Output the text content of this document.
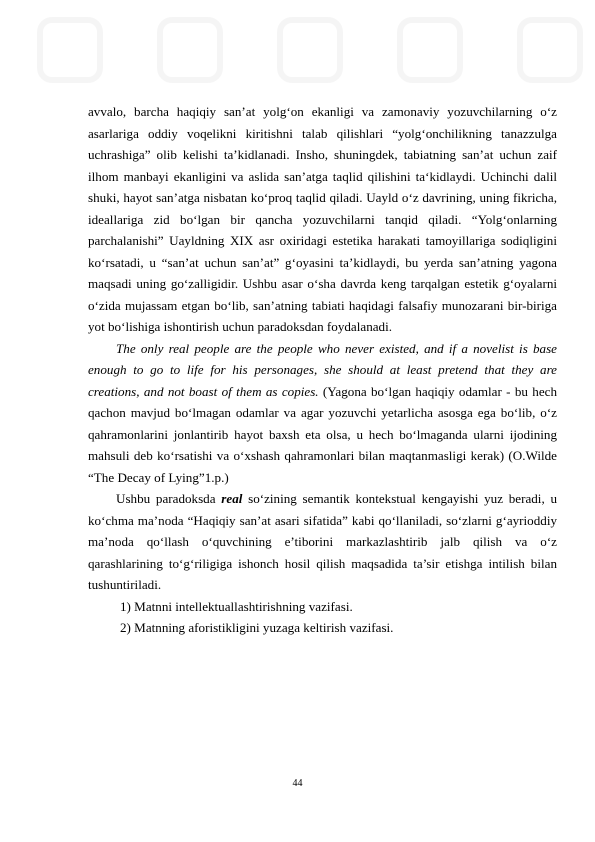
avvalo, barcha haqiqiy san’at yolg‘on ekanligi va zamonaviy yozuvchilarning o‘z asarlariga oddiy voqelikni kiritishni talab qilishlari “yolg‘onchilikning tanazzulga uchrashiga” olib kelishi ta’kidlanadi. Insho, shuningdek, tabiatning san’at uchun zaif ilhom manbayi ekanligini va aslida san’atga taqlid qilishini ta‘kidlaydi. Uchinchi dalil shuki, hayot san’atga nisbatan ko‘proq taqlid qiladi. Uayld o‘z davrining, uning fikricha, ideallariga zid bo‘lgan bir qancha yozuvchilarni tanqid qiladi. “Yolg‘onlarning parchalanishi” Uayldning XIX asr oxiridagi estetika harakati tamoyillariga sodiqligini ko‘rsatadi, u “san’at uchun san’at” g‘oyasini ta’kidlaydi, bu yerda san’atning yagona maqsadi uning go‘zalligidir. Ushbu asar o‘sha davrda keng tarqalgan estetik g‘oyalarni o‘zida mujassam etgan bo‘lib, san’atning tabiati haqidagi falsafiy munozarani bir-biriga yot bo‘lishiga ishontirish uchun paradoksdan foydalanadi.

The only real people are the people who never existed, and if a novelist is base enough to go to life for his personages, she should at least pretend that they are creations, and not boast of them as copies. (Yagona bo‘lgan haqiqiy odamlar - bu hech qachon mavjud bo‘lmagan odamlar va agar yozuvchi yetarlicha asosga ega bo‘lib, o‘z qahramonlarini jonlantirib hayot baxsh eta olsa, u hech bo‘lmaganda ularni ijodining mahsuli deb ko‘rsatishi va o‘xshash qahramonlari bilan maqtanmasligi kerak) (O.Wilde “The Decay of Lying”1.p.)

Ushbu paradoksda real so‘zining semantik kontekstual kengayishi yuz beradi, u ko‘chma ma’noda “Haqiqiy san’at asari sifatida” kabi qo‘llaniladi, so‘zlarni g‘ayrioddiy ma’noda qo‘llash o‘quvchining e’tiborini markazlashtirib jalb qilish va o‘z qarashlarining to‘g‘riligiga ishonch hosil qilish maqsadida ta’sir etishga intilish bilan tushuntiriladi.

1) Matnni intellektuallashtirishning vazifasi.

2) Matnning aforistikligini yuzaga keltirish vazifasi.

44
